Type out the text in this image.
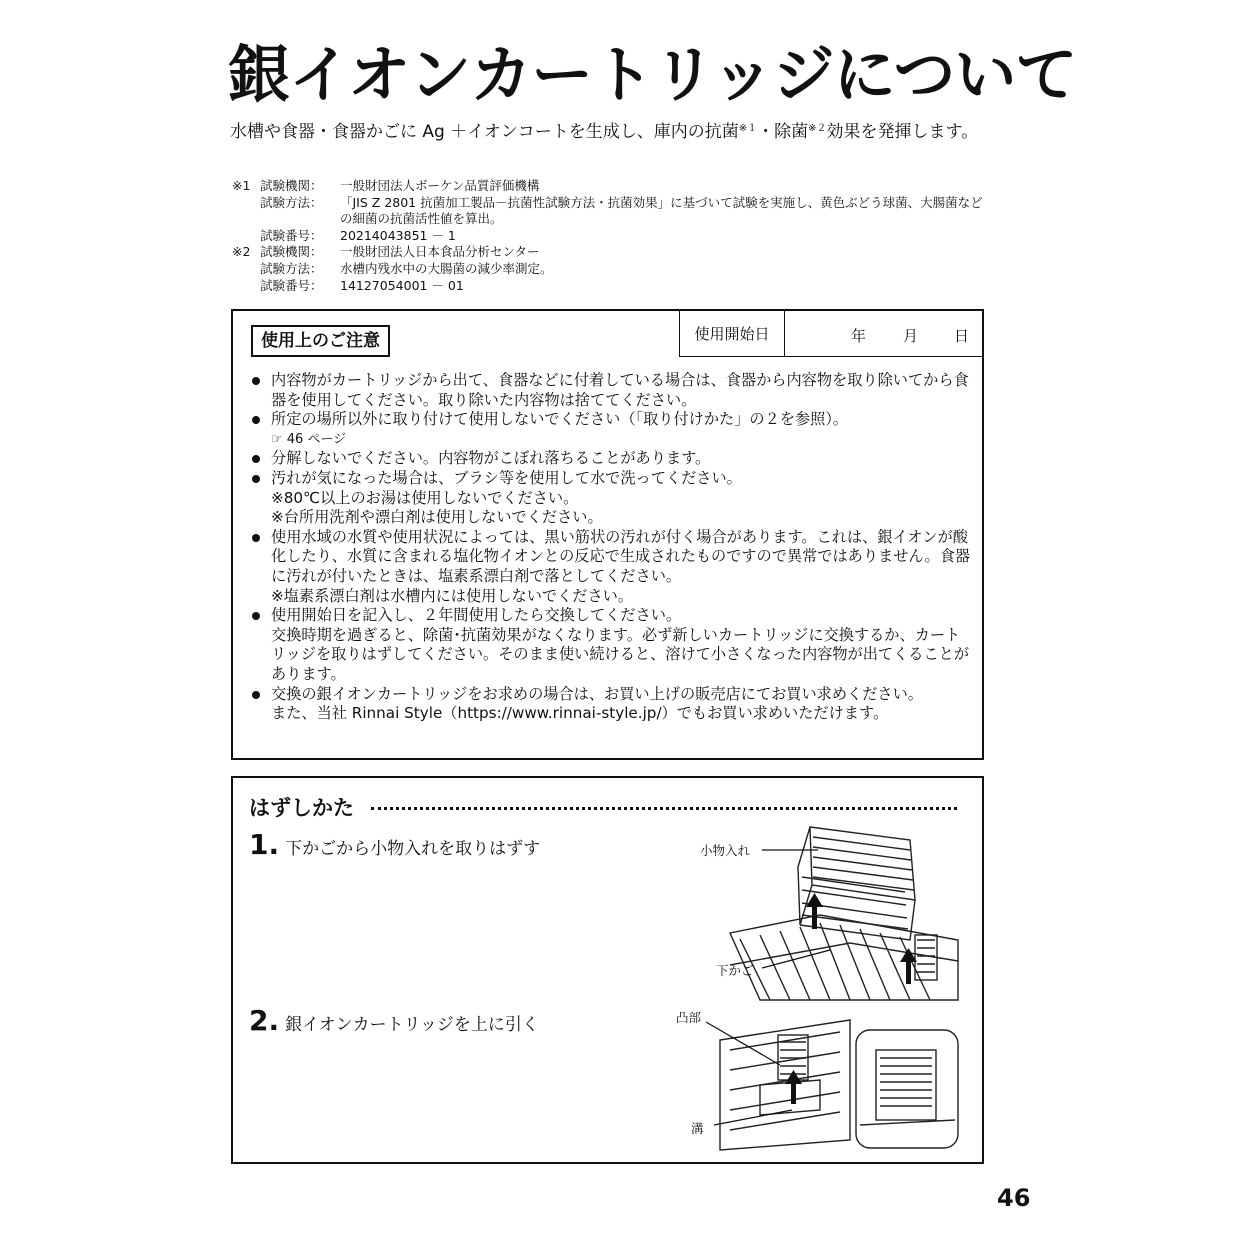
銀イオンカートリッジについて
水槽や食器・食器かごに Ag ＋イオンコートを生成し、庫内の抗菌$^{※1}$・除菌$^{※2}$効果を発揮します。
※1 試験機関：	一般財団法人ボーケン品質評価機構
試験方法：	「JIS Z 2801 抗菌加工製品－抗菌性試験方法・抗菌効果」に基づいて試験を実施し、黄色ぶどう球菌、大腸菌などの細菌の抗菌活性値を算出。
試験番号：	20214043851 － 1
※2 試験機関：	一般財団法人日本食品分析センター
試験方法：	水槽内残水中の大腸菌の減少率測定。
試験番号：	14127054001 － 01
使用上のご注意	使用開始日	年 月 日
内容物がカートリッジから出て、食器などに付着している場合は、食器から内容物を取り除いてから食器を使用してください。取り除いた内容物は捨ててください。
所定の場所以外に取り付けて使用しないでください（「取り付けかた」の２を参照）。
☞ 46 ページ
分解しないでください。内容物がこぼれ落ちることがあります。
汚れが気になった場合は、ブラシ等を使用して水で洗ってください。
※80℃以上のお湯は使用しないでください。
※台所用洗剤や漂白剤は使用しないでください。
使用水域の水質や使用状況によっては、黒い筋状の汚れが付く場合があります。これは、銀イオンが酸化したり、水質に含まれる塩化物イオンとの反応で生成されたものですので異常ではありません。食器に汚れが付いたときは、塩素系漂白剤で落としてください。
※塩素系漂白剤は水槽内には使用しないでください。
使用開始日を記入し、２年間使用したら交換してください。
交換時期を過ぎると、除菌･抗菌効果がなくなります。必ず新しいカートリッジに交換するか、カートリッジを取りはずしてください。そのまま使い続けると、溶けて小さくなった内容物が出てくることがあります。
交換の銀イオンカートリッジをお求めの場合は、お買い上げの販売店にてお買い求めください。
また、当社 Rinnai Style（https://www.rinnai-style.jp/）でもお買い求めいただけます。
はずしかた
1. 下かごから小物入れを取りはずす
2. 銀イオンカートリッジを上に引く
小物入れ
下かご
凸部
溝
46
